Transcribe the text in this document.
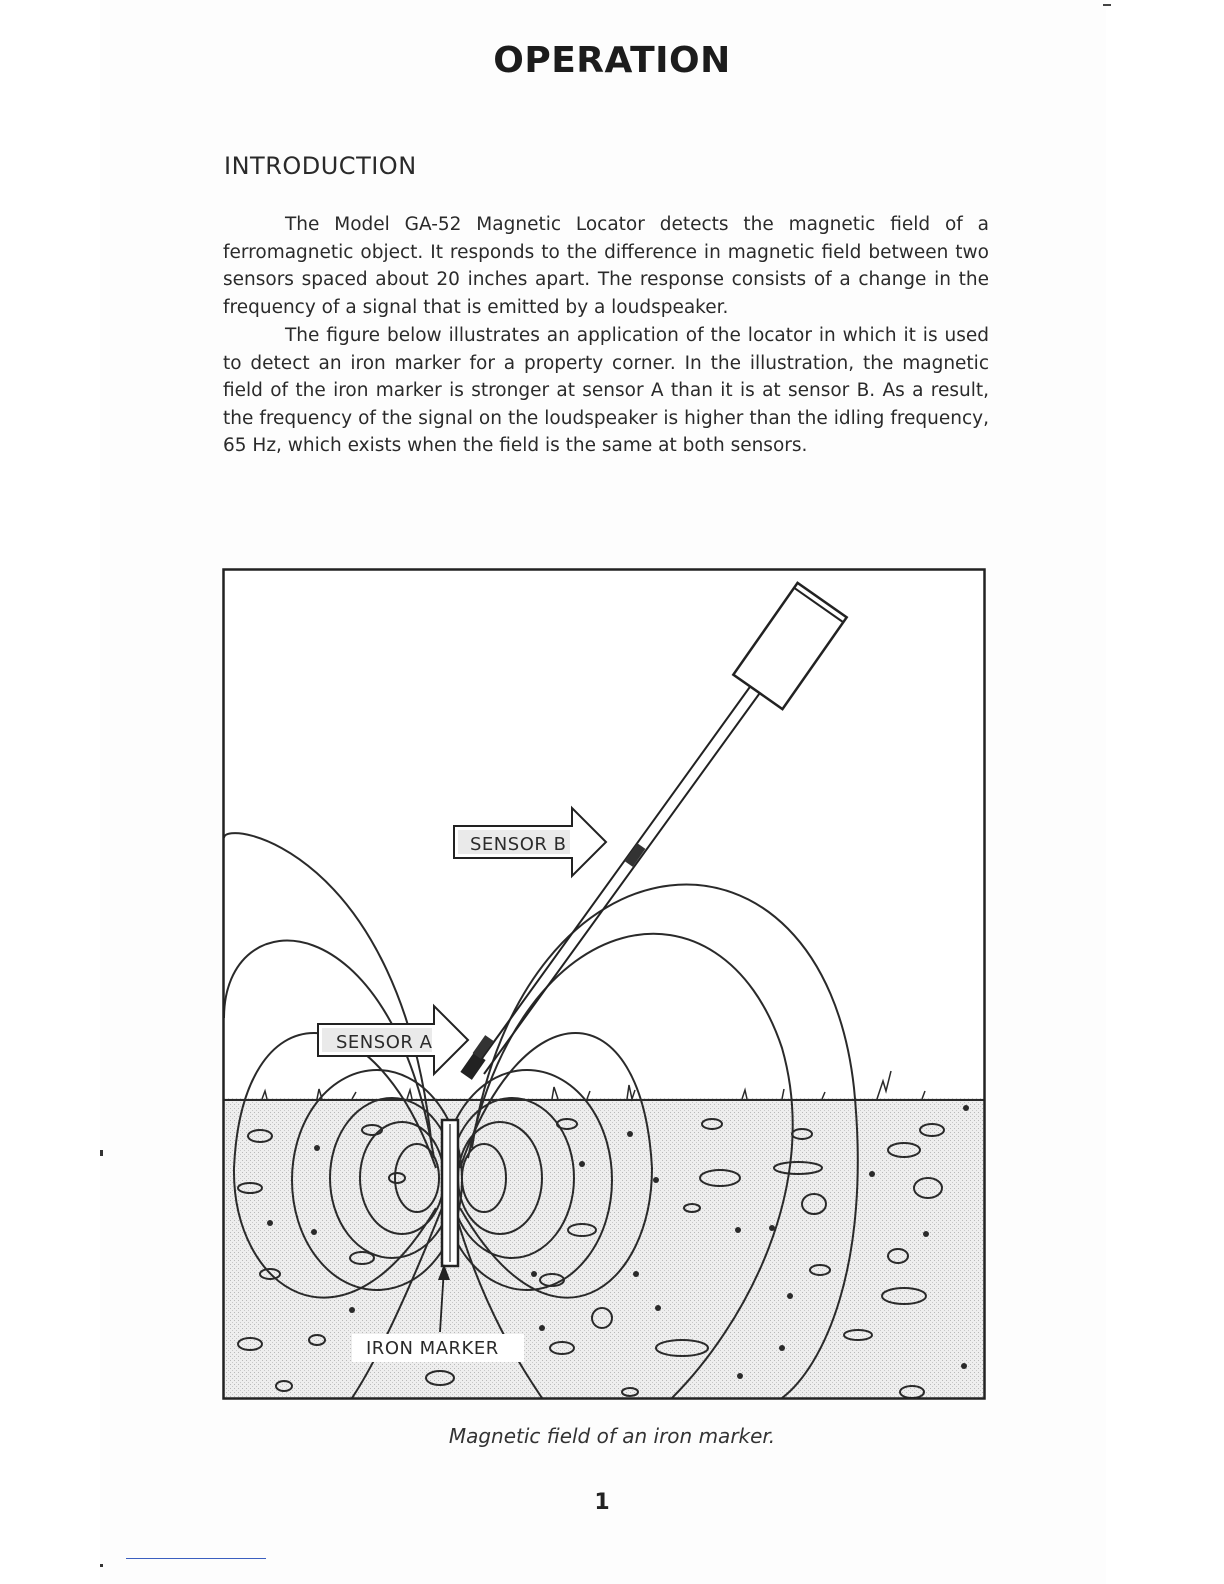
OPERATION
INTRODUCTION

The Model GA-52 Magnetic Locator detects the magnetic field of a ferromagnetic object. It responds to the difference in magnetic field between two sensors spaced about 20 inches apart. The response consists of a change in the frequency of a signal that is emitted by a loudspeaker.

The figure below illustrates an application of the locator in which it is used to detect an iron marker for a property corner. In the illustration, the magnetic field of the iron marker is stronger at sensor A than it is at sensor B. As a result, the frequency of the signal on the loudspeaker is higher than the idling frequency, 65 Hz, which exists when the field is the same at both sensors.

SENSOR B
SENSOR A
IRON MARKER

Magnetic field of an iron marker.

1
